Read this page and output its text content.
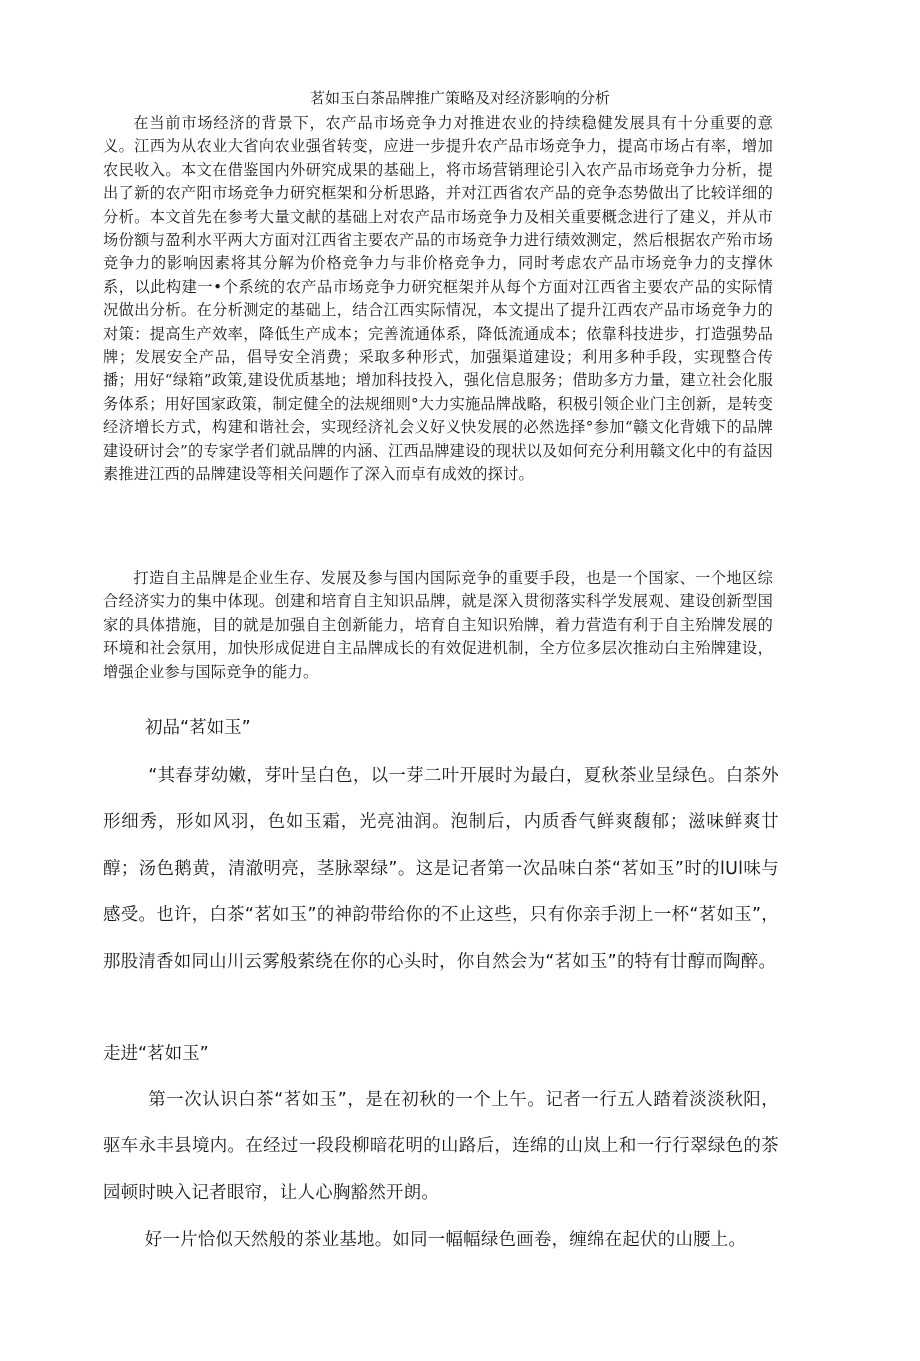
茗如玉白茶品牌推广策略及对经济影响的分析

在当前市场经济的背景下，农产品市场竞争力对推进农业的持续稳健发展具有十分重要的意义。江西为从农业大省向农业强省转变，应进一步提升农产品市场竞争力，提高市场占有率，增加农民收入。本文在借鉴国内外研究成果的基础上，将市场营销理论引入农产品市场竞争力分析，提出了新的农产阳市场竞争力研究框架和分析思路，并对江西省农产品的竞争态势做出了比较详细的分析。本文首先在参考大量文献的基础上对农产品市场竞争力及相关重要概念进行了建义，并从市场份额与盈利水平两大方面对江西省主要农产品的市场竞争力进行绩效测定，然后根据农产殆市场竞争力的影响因素将其分解为价格竞争力与非价格竞争力，同时考虑农产品市场竞争力的支撑休系，以此构建一•个系统的农产品市场竞争力研究框架并从每个方面对江西省主要农产品的实际情况做出分析。在分析测定的基础上，结合江西实际情况，本文提出了提升江西农产品市场竞争力的对策：提高生产效率，降低生产成本；完善流通体系，降低流通成本；依靠科技进步，打造强势品牌；发展安全产品，倡导安全消费；采取多种形式，加强渠道建设；利用多种手段，实现整合传播；用好“绿箱”政策,建设优质基地；增加科技投入，强化信息服务；借助多方力量，建立社会化服务体系；用好国家政策，制定健全的法规细则°大力实施品牌战略，积极引领企业门主创新，是转变经济增长方式，构建和谐社会，实现经济礼会义好义快发展的必然选择°参加“赣文化背娥下的品牌建设研讨会”的专家学者们就品牌的内涵、江西品牌建设的现状以及如何充分利用赣文化中的有益因素推进江西的品牌建设等相关问题作了深入而卓有成效的探讨。

打造自主品牌是企业生存、发展及参与国内国际竞争的重要手段，也是一个国家、一个地区综合经济实力的集中体现。创建和培育自主知识品牌，就是深入贯彻落实科学发展观、建设创新型国家的具体措施，目的就是加强自主创新能力，培育自主知识殆牌，着力营造有利于自主殆牌发展的环境和社会氛用，加快形成促进自主品牌成长的有效促进机制，全方位多层次推动白主殆牌建设，增强企业参与国际竞争的能力。

初品“茗如玉”

“其春芽幼嫩，芽叶呈白色，以一芽二叶开展时为最白，夏秋茶业呈绿色。白茶外形细秀，形如风羽，色如玉霜，光亮油润。泡制后，内质香气鲜爽馥郁；滋味鲜爽廿醇；汤色鹅黄，清澈明亮，茎脉翠绿”。这是记者第一次品味白茶“茗如玉”时的lUl味与感受。也许，白茶“茗如玉”的神韵带给你的不止这些，只有你亲手沏上一杯“茗如玉”，那股清香如同山川云雾般萦绕在你的心头时，你自然会为“茗如玉”的特有廿醇而陶醉。

走进“茗如玉”

第一次认识白茶“茗如玉”，是在初秋的一个上午。记者一行五人踏着淡淡秋阳，驱车永丰县境内。在经过一段段柳暗花明的山路后，连绵的山岚上和一行行翠绿色的茶园顿时映入记者眼帘，让人心胸豁然开朗。

好一片恰似天然般的茶业基地。如同一幅幅绿色画卷，缠绵在起伏的山腰上。
